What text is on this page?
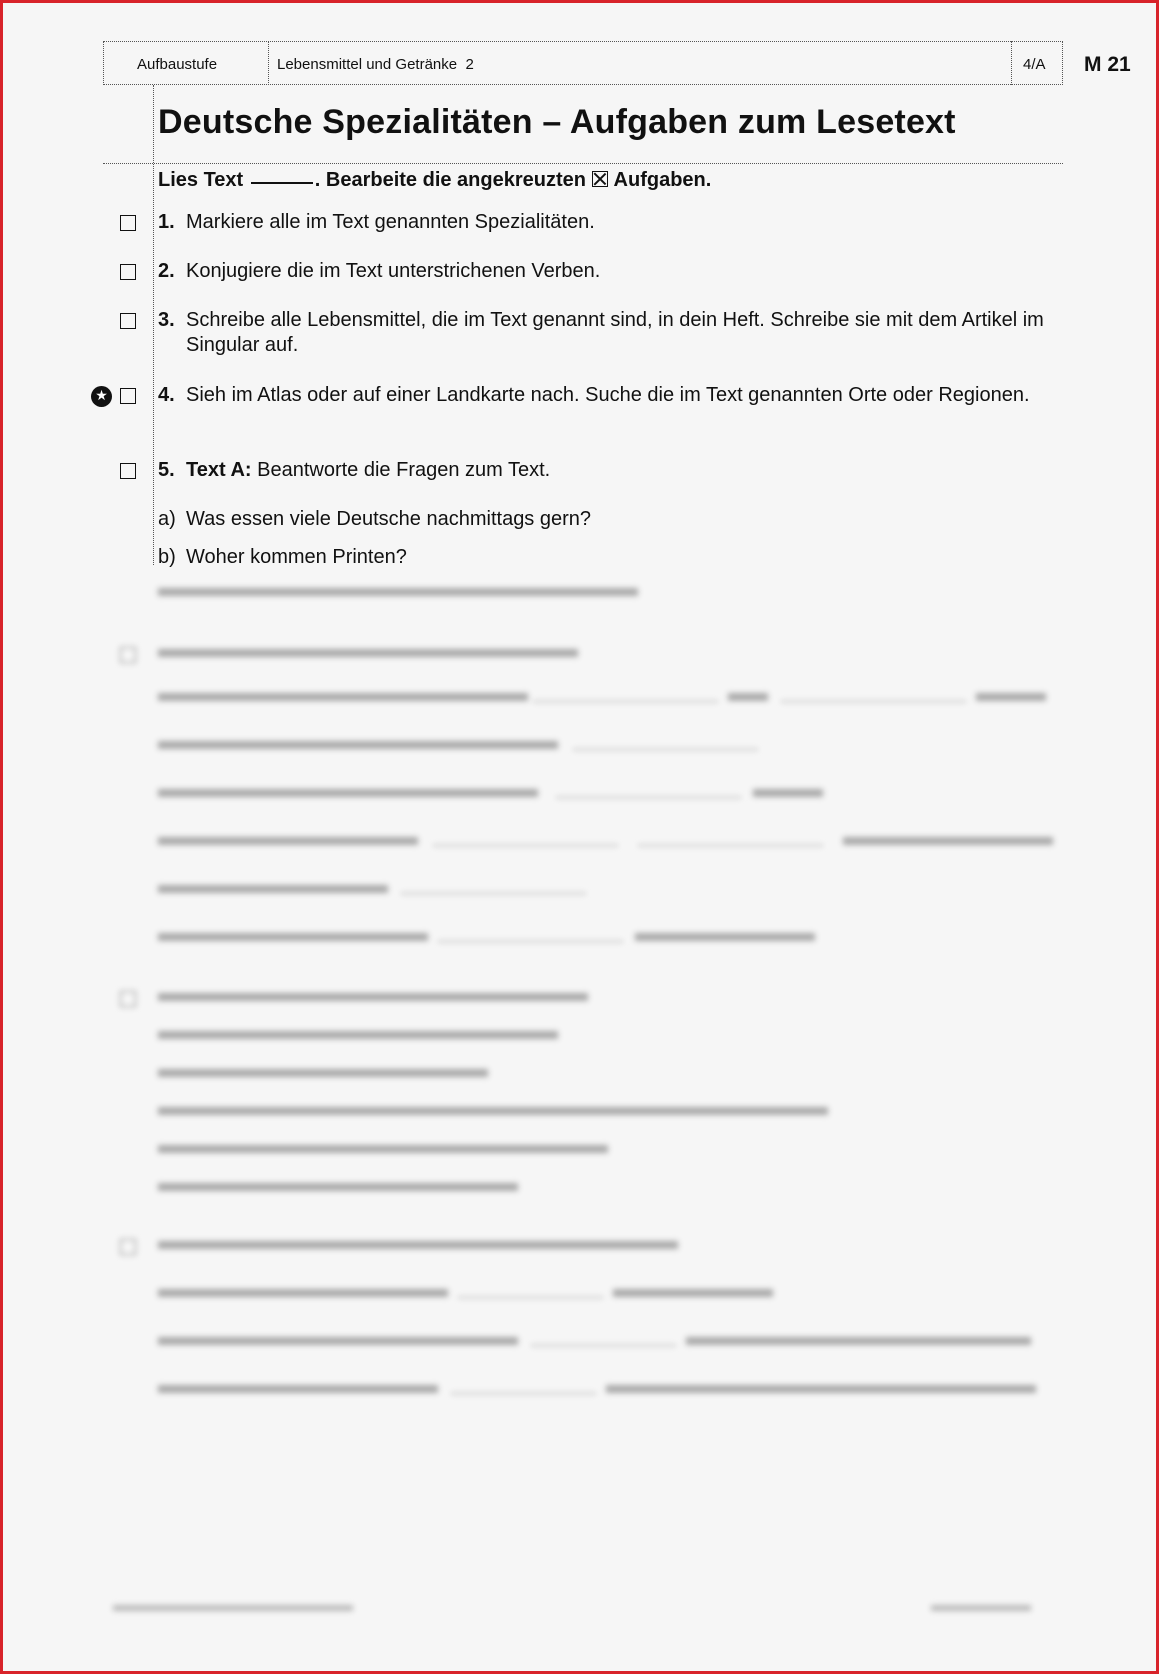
Aufbaustufe	Lebensmittel und Getränke 2	4/A M 21
Deutsche Spezialitäten – Aufgaben zum Lesetext
Lies Text	. Bearbeite die angekreuzten Aufgaben.
1. Markiere alle im Text genannten Spezialitäten.
2. Konjugiere die im Text unterstrichenen Verben.
3. Schreibe alle Lebensmittel, die im Text genannt sind, in dein Heft. Schreibe sie mit dem Artikel im Singular auf.
★	4. Sieh im Atlas oder auf einer Landkarte nach. Suche die im Text genannten Orte oder Regionen.
5. Text A: Beantworte die Fragen zum Text.
a) Was essen viele Deutsche nachmittags gern?
b) Woher kommen Printen?
